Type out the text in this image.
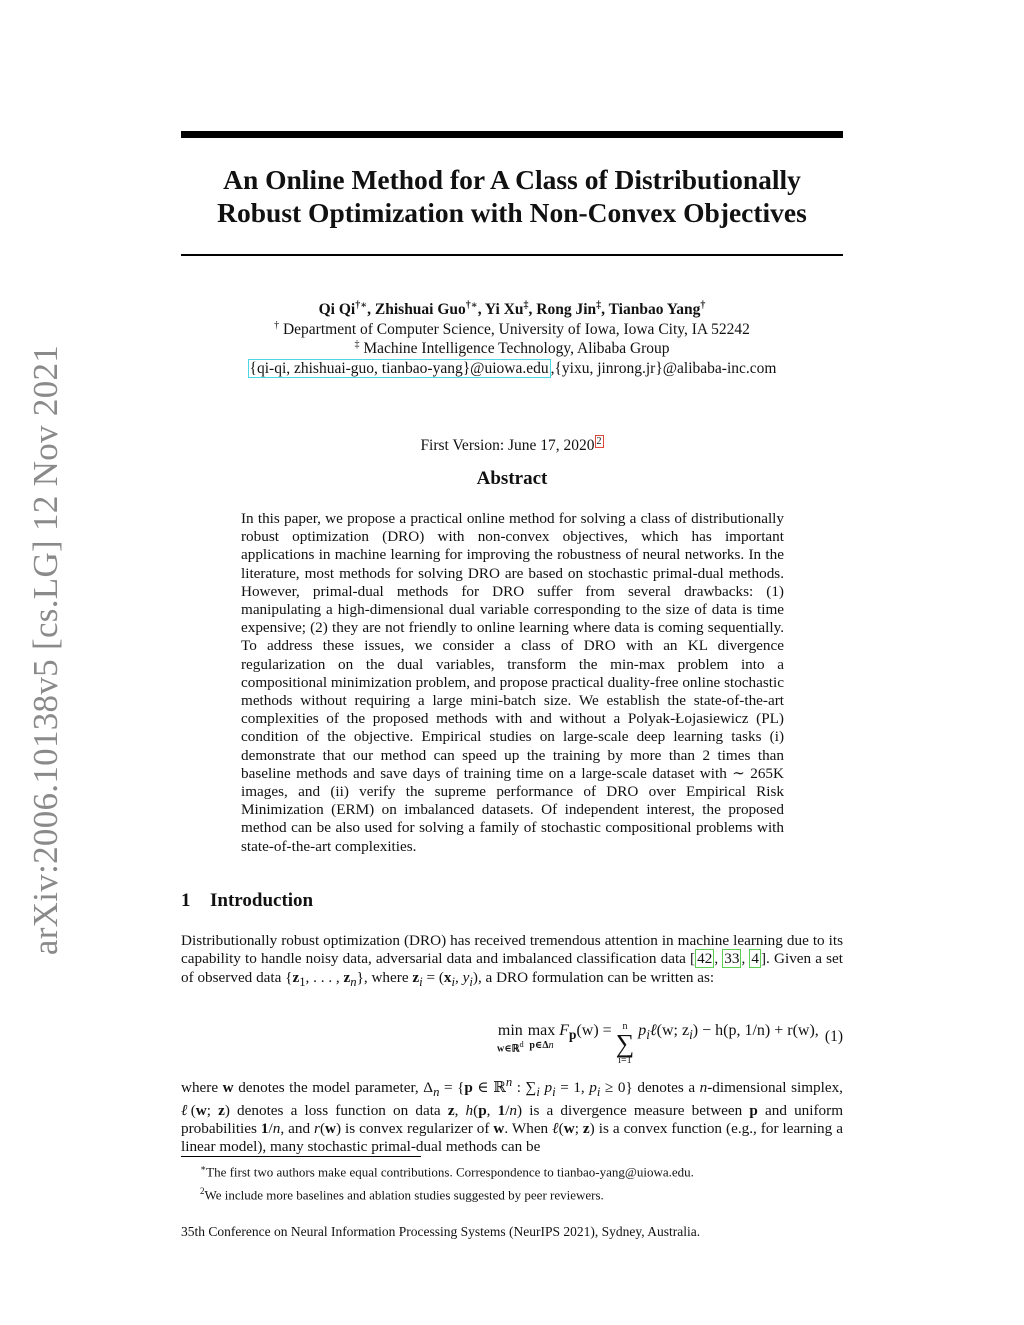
arXiv:2006.10138v5 [cs.LG] 12 Nov 2021
An Online Method for A Class of Distributionally
Robust Optimization with Non-Convex Objectives
Qi Qi†∗, Zhishuai Guo†∗, Yi Xu‡, Rong Jin‡, Tianbao Yang†
† Department of Computer Science, University of Iowa, Iowa City, IA 52242
‡ Machine Intelligence Technology, Alibaba Group
{qi-qi, zhishuai-guo, tianbao-yang}@uiowa.edu ,{yixu, jinrong.jr}@alibaba-inc.com
First Version: June 17, 2020 $^2$
Abstract
In this paper, we propose a practical online method for solving a class of distributionally robust optimization (DRO) with non-convex objectives, which has important applications in machine learning for improving the robustness of neural networks. In the literature, most methods for solving DRO are based on stochastic primal-dual methods. However, primal-dual methods for DRO suffer from several drawbacks: (1) manipulating a high-dimensional dual variable corresponding to the size of data is time expensive; (2) they are not friendly to online learning where data is coming sequentially. To address these issues, we consider a class of DRO with an KL divergence regularization on the dual variables, transform the min-max problem into a compositional minimization problem, and propose practical duality-free online stochastic methods without requiring a large mini-batch size. We establish the state-of-the-art complexities of the proposed methods with and without a Polyak-Łojasiewicz (PL) condition of the objective. Empirical studies on large-scale deep learning tasks (i) demonstrate that our method can speed up the training by more than 2 times than baseline methods and save days of training time on a large-scale dataset with ∼ 265K images, and (ii) verify the supreme performance of DRO over Empirical Risk Minimization (ERM) on imbalanced datasets. Of independent interest, the proposed method can be also used for solving a family of stochastic compositional problems with state-of-the-art complexities.
1 Introduction
Distributionally robust optimization (DRO) has received tremendous attention in machine learning due to its capability to handle noisy data, adversarial data and imbalanced classification data [ 42 , 33 , 4 ]. Given a set of observed data {$z_1$, . . . , $z_n$}, where $z_i = (x_i$, $y_i$), a DRO formulation can be written as:
min
w∈ℝ$^d$

max
p∈Δn
$F_p(w)$ =	n
∑
i=1
$p_i\ell(w$; $z_i) - h(p$, 1/n) + r(w), (1)
where w denotes the model parameter, $\Delta_n = \{p$ ∈ ℝ$^n$ : $\sum_i$ $p_i = 1$, $p_i \ge 0$} denotes a n-dimensional simplex, ℓ(w; z) denotes a loss function on data z, h(p, 1/n) is a divergence measure between p and uniform probabilities 1/n, and r(w) is convex regularizer of w. When ℓ(w; z) is a convex function (e.g., for learning a linear model), many stochastic primal-dual methods can be
∗The first two authors make equal contributions. Correspondence to tianbao-yang@uiowa.edu.
$^2$We include more baselines and ablation studies suggested by peer reviewers.
35th Conference on Neural Information Processing Systems (NeurIPS 2021), Sydney, Australia.
